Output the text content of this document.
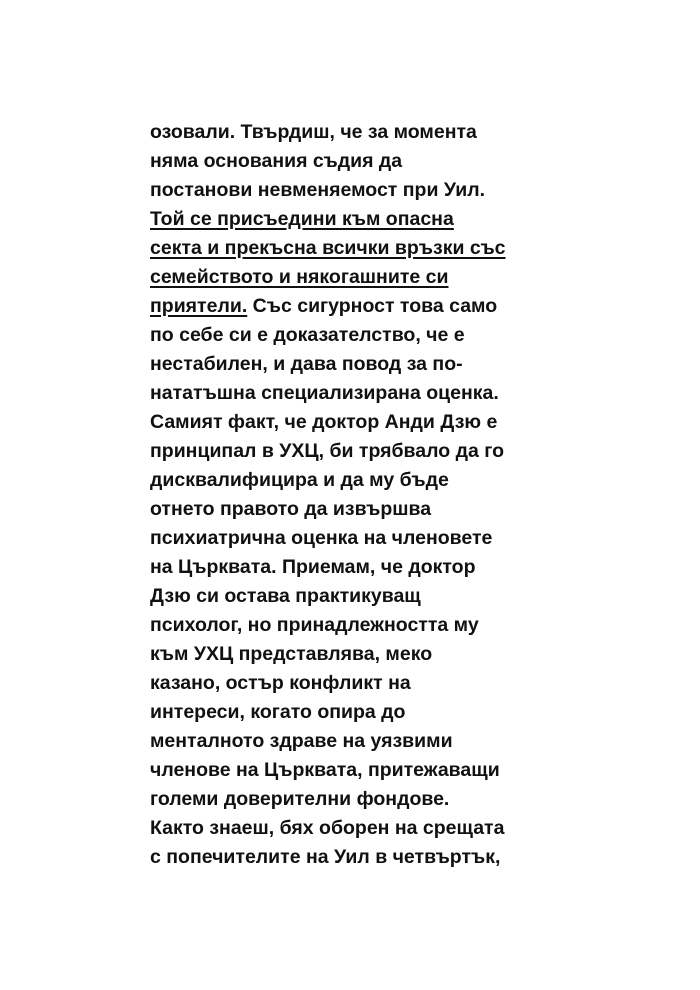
озовали. Твърдиш, че за момента
няма основания съдия да
постанови невменяемост при Уил.
Той се присъедини към опасна
секта и прекъсна всички връзки със
семейството и някогашните си
приятели. Със сигурност това само
по себе си е доказателство, че е
нестабилен, и дава повод за по-
нататъшна специализирана оценка.
Самият факт, че доктор Анди Дзю е
принципал в УХЦ, би трябвало да го
дисквалифицира и да му бъде
отнето правото да извършва
психиатрична оценка на членовете
на Църквата. Приемам, че доктор
Дзю си остава практикуващ
психолог, но принадлежността му
към УХЦ представлява, меко
казано, остър конфликт на
интереси, когато опира до
менталното здраве на уязвими
членове на Църквата, притежаващи
големи доверителни фондове.
Както знаеш, бях оборен на срещата
с попечителите на Уил в четвъртък,
